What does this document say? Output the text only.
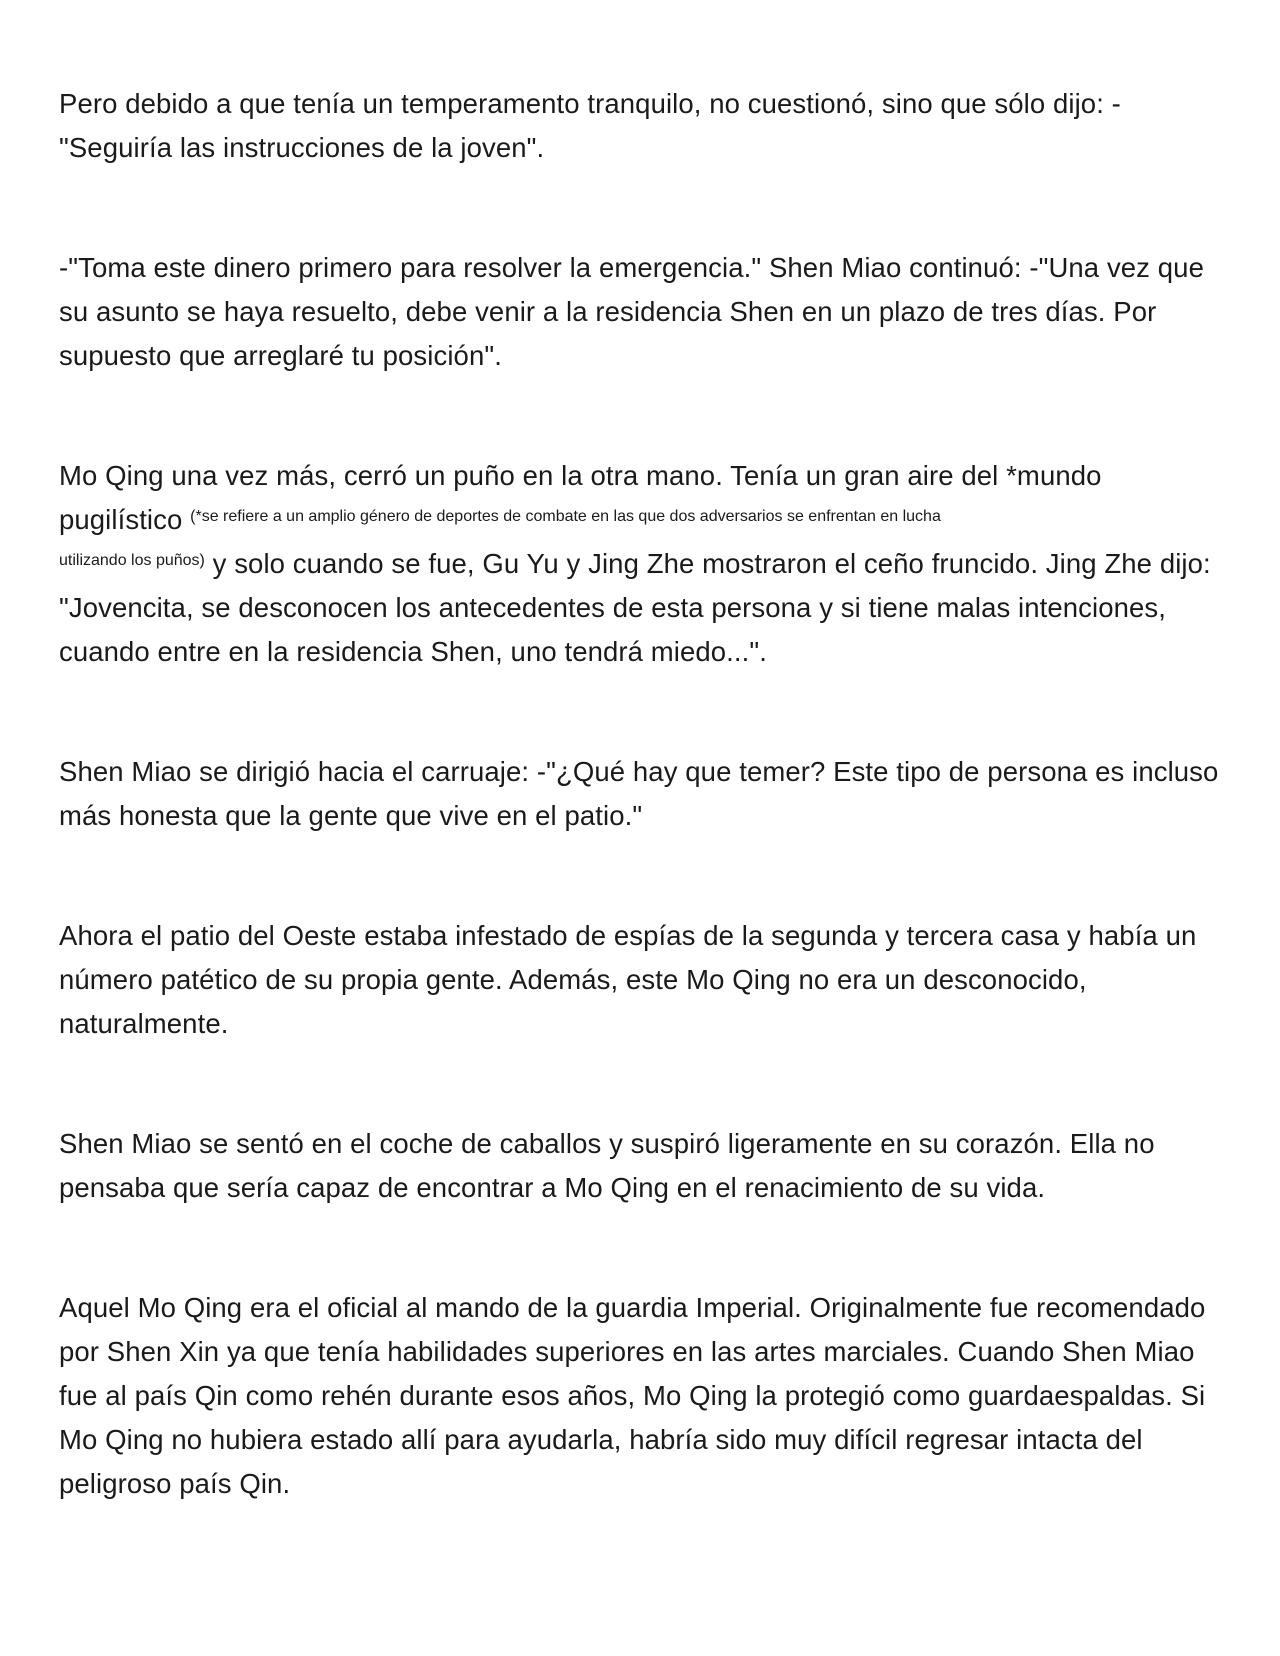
Pero debido a que tenía un temperamento tranquilo, no cuestionó, sino que sólo dijo: -"Seguiría las instrucciones de la joven".

-"Toma este dinero primero para resolver la emergencia." Shen Miao continuó: -"Una vez que su asunto se haya resuelto, debe venir a la residencia Shen en un plazo de tres días. Por supuesto que arreglaré tu posición".

Mo Qing una vez más, cerró un puño en la otra mano. Tenía un gran aire del *mundo pugilístico $^{(*se refiere a un amplio género de deportes de combate en las que dos adversarios se enfrentan en lucha}$
$^{utilizando los puños)}$ y solo cuando se fue, Gu Yu y Jing Zhe mostraron el ceño fruncido. Jing Zhe dijo: "Jovencita, se desconocen los antecedentes de esta persona y si tiene malas intenciones, cuando entre en la residencia Shen, uno tendrá miedo...".

Shen Miao se dirigió hacia el carruaje: -"¿Qué hay que temer? Este tipo de persona es incluso más honesta que la gente que vive en el patio."

Ahora el patio del Oeste estaba infestado de espías de la segunda y tercera casa y había un número patético de su propia gente. Además, este Mo Qing no era un desconocido, naturalmente.

Shen Miao se sentó en el coche de caballos y suspiró ligeramente en su corazón. Ella no pensaba que sería capaz de encontrar a Mo Qing en el renacimiento de su vida.

Aquel Mo Qing era el oficial al mando de la guardia Imperial. Originalmente fue recomendado por Shen Xin ya que tenía habilidades superiores en las artes marciales. Cuando Shen Miao fue al país Qin como rehén durante esos años, Mo Qing la protegió como guardaespaldas. Si Mo Qing no hubiera estado allí para ayudarla, habría sido muy difícil regresar intacta del peligroso país Qin.
